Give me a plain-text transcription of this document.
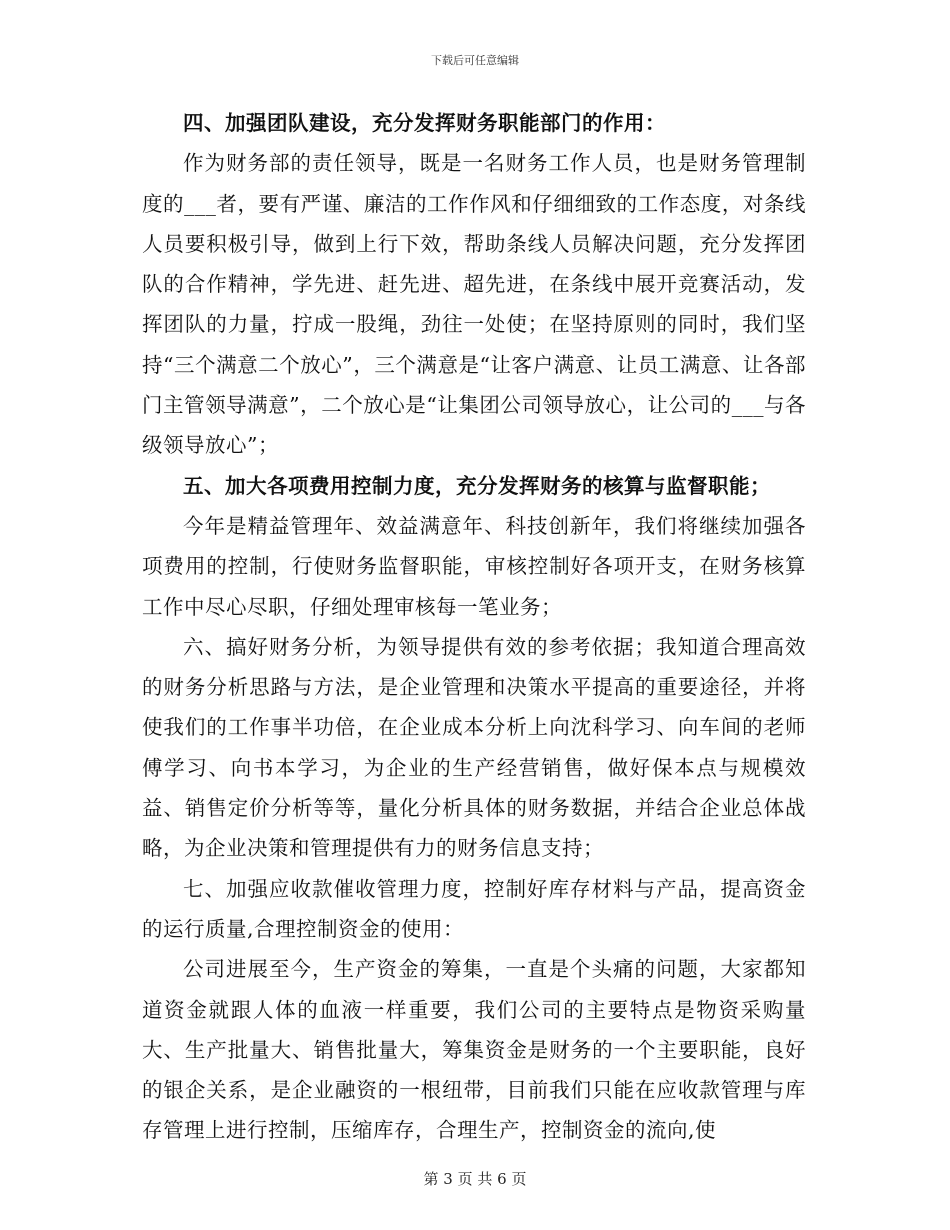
下载后可任意编辑

四、加强团队建设，充分发挥财务职能部门的作用：

作为财务部的责任领导，既是一名财务工作人员，也是财务管理制度的___者，要有严谨、廉洁的工作作风和仔细细致的工作态度，对条线人员要积极引导，做到上行下效，帮助条线人员解决问题，充分发挥团队的合作精神，学先进、赶先进、超先进，在条线中展开竞赛活动，发挥团队的力量，拧成一股绳，劲往一处使；在坚持原则的同时，我们坚持“三个满意二个放心”，三个满意是“让客户满意、让员工满意、让各部门主管领导满意”，二个放心是“让集团公司领导放心，让公司的___与各级领导放心”；

五、加大各项费用控制力度，充分发挥财务的核算与监督职能；

今年是精益管理年、效益满意年、科技创新年，我们将继续加强各项费用的控制，行使财务监督职能，审核控制好各项开支，在财务核算工作中尽心尽职，仔细处理审核每一笔业务；

六、搞好财务分析，为领导提供有效的参考依据；我知道合理高效的财务分析思路与方法，是企业管理和决策水平提高的重要途径，并将使我们的工作事半功倍，在企业成本分析上向沈科学习、向车间的老师傅学习、向书本学习，为企业的生产经营销售，做好保本点与规模效益、销售定价分析等等，量化分析具体的财务数据，并结合企业总体战略，为企业决策和管理提供有力的财务信息支持；

七、加强应收款催收管理力度，控制好库存材料与产品，提高资金的运行质量,合理控制资金的使用：

公司进展至今，生产资金的筹集，一直是个头痛的问题，大家都知道资金就跟人体的血液一样重要，我们公司的主要特点是物资采购量大、生产批量大、销售批量大，筹集资金是财务的一个主要职能，良好的银企关系，是企业融资的一根纽带，目前我们只能在应收款管理与库存管理上进行控制，压缩库存，合理生产，控制资金的流向,使

第 3 页 共 6 页
